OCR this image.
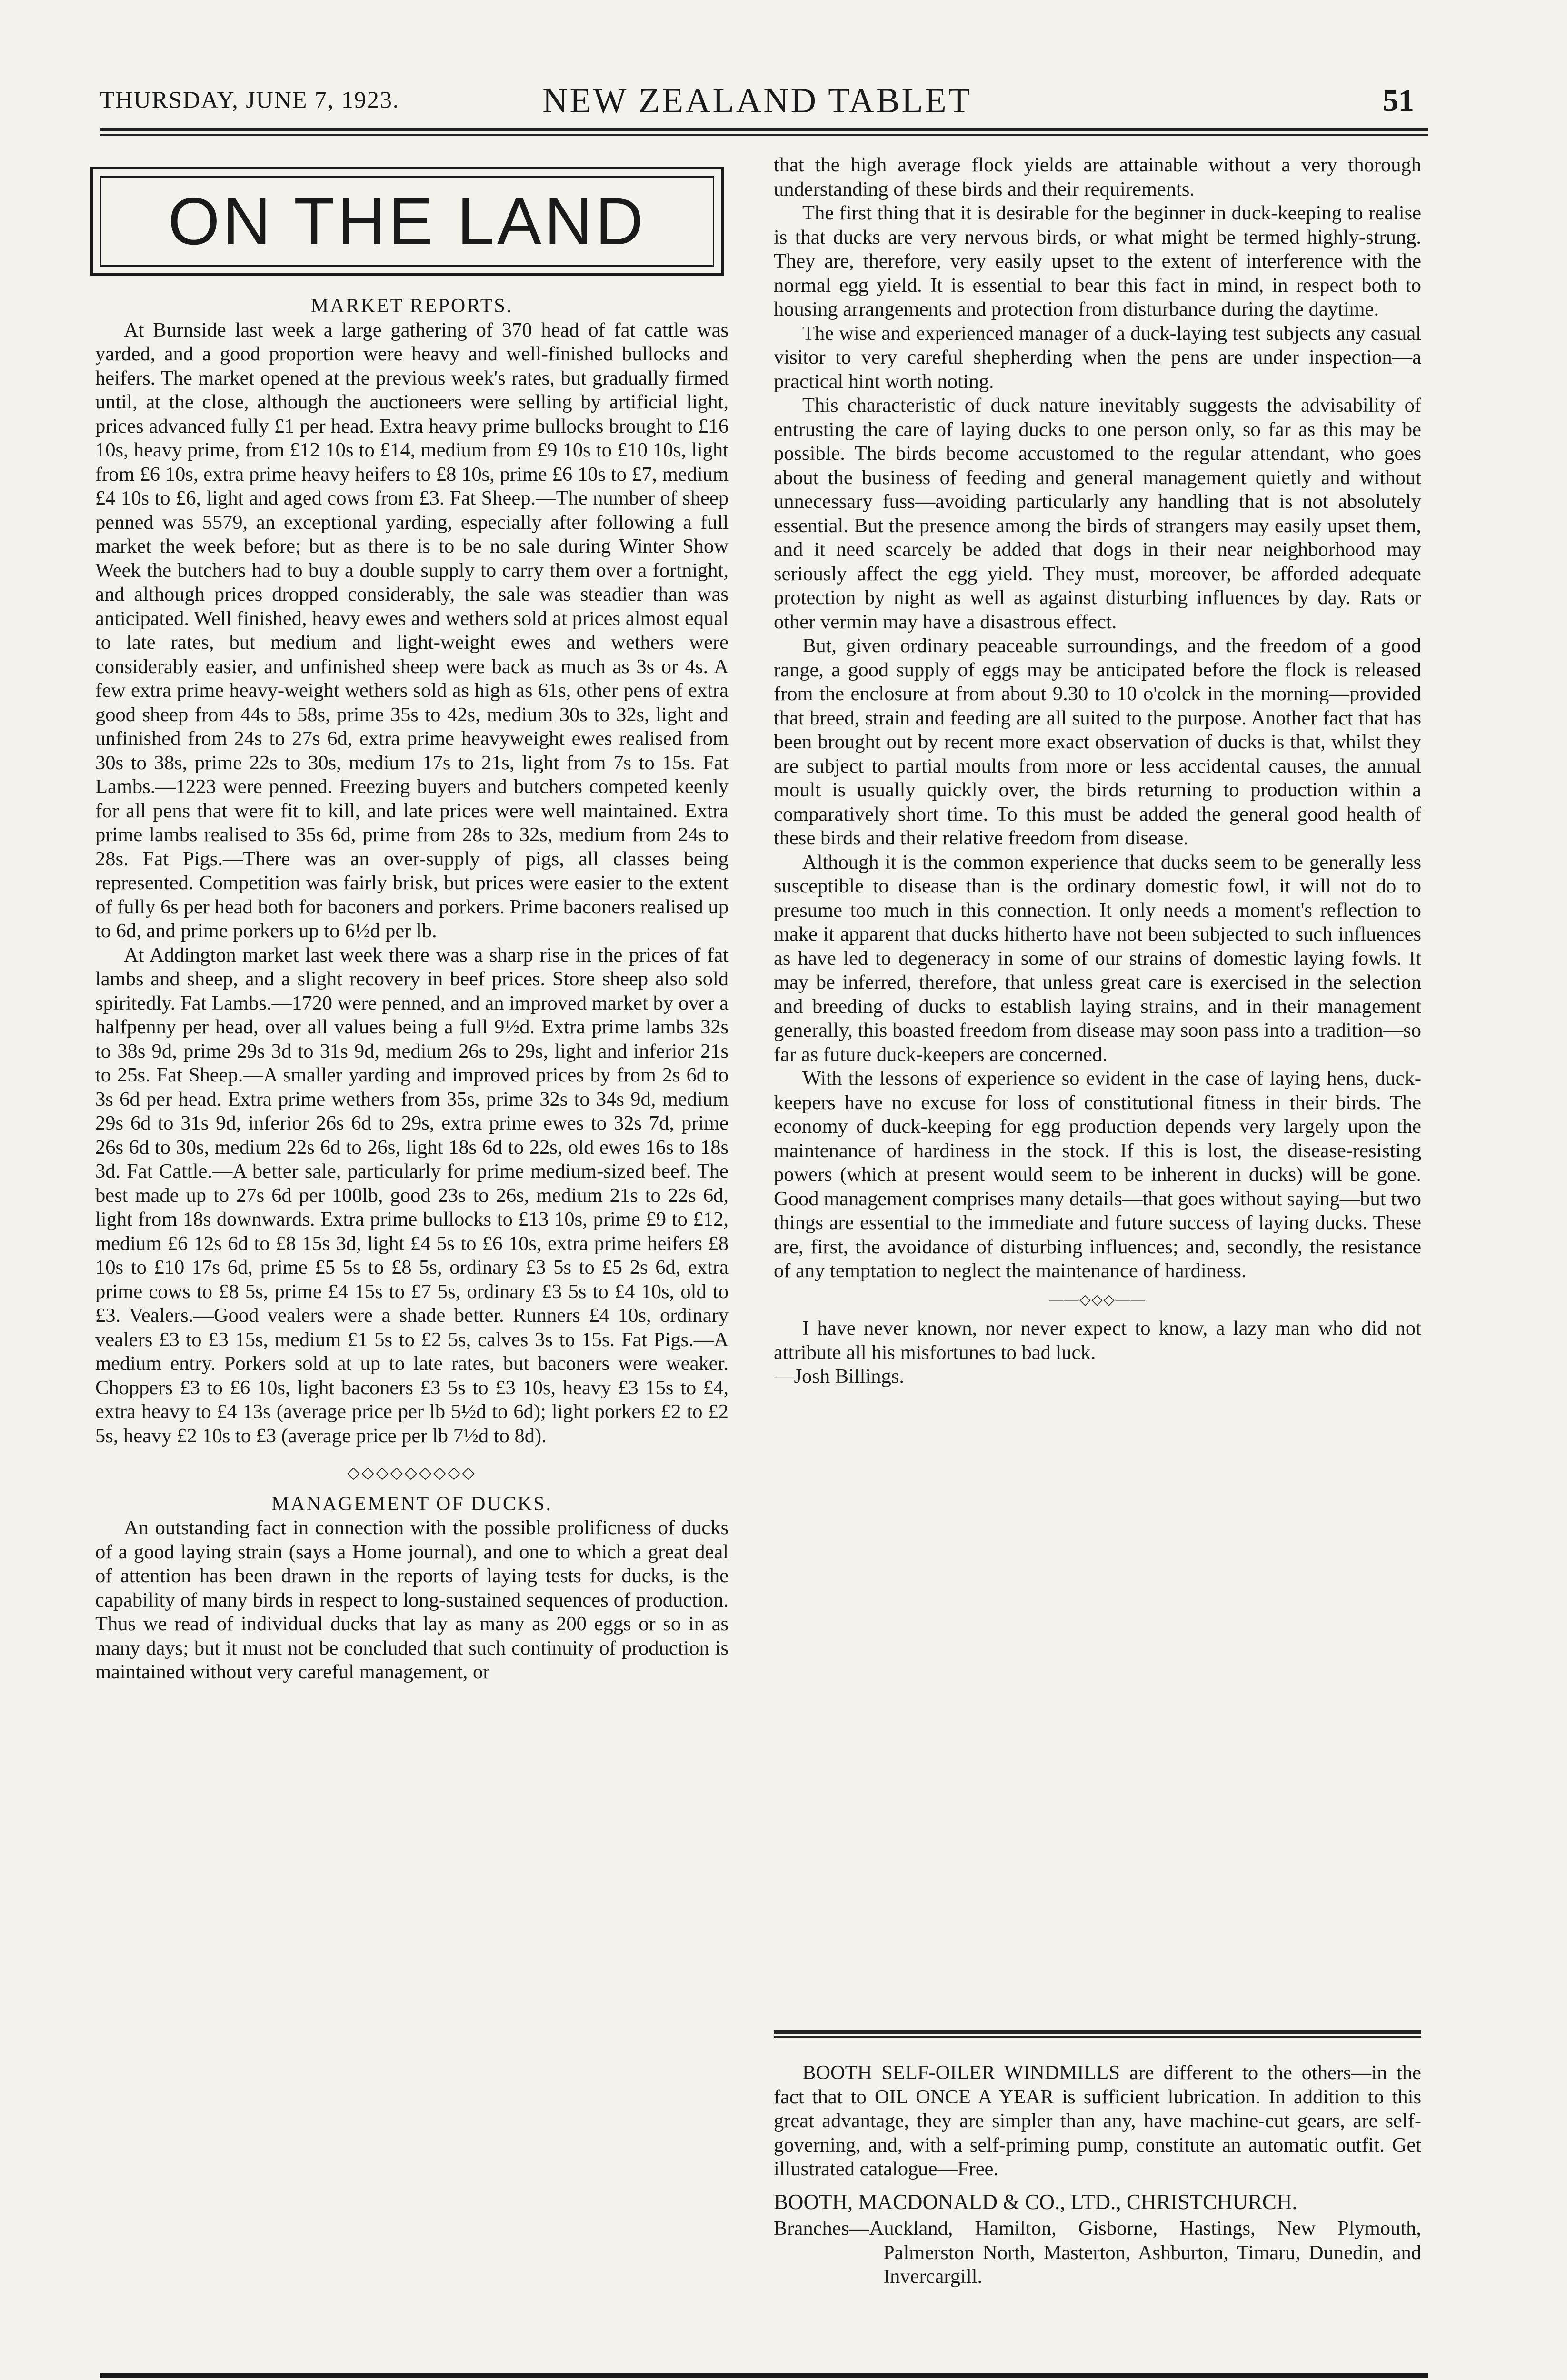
THURSDAY, JUNE 7, 1923.	NEW ZEALAND TABLET	51
ON THE LAND

MARKET REPORTS.

At Burnside last week a large gathering of 370 head of fat cattle was yarded, and a good proportion were heavy and well-finished bullocks and heifers. The market opened at the previous week's rates, but gradually firmed until, at the close, although the auctioneers were selling by artificial light, prices advanced fully £1 per head. Extra heavy prime bullocks brought to £16 10s, heavy prime, from £12 10s to £14, medium from £9 10s to £10 10s, light from £6 10s, extra prime heavy heifers to £8 10s, prime £6 10s to £7, medium £4 10s to £6, light and aged cows from £3. Fat Sheep.—The number of sheep penned was 5579, an exceptional yarding, especially after following a full market the week before; but as there is to be no sale during Winter Show Week the butchers had to buy a double supply to carry them over a fortnight, and although prices dropped considerably, the sale was steadier than was anticipated. Well finished, heavy ewes and wethers sold at prices almost equal to late rates, but medium and light-weight ewes and wethers were considerably easier, and unfinished sheep were back as much as 3s or 4s. A few extra prime heavy-weight wethers sold as high as 61s, other pens of extra good sheep from 44s to 58s, prime 35s to 42s, medium 30s to 32s, light and unfinished from 24s to 27s 6d, extra prime heavyweight ewes realised from 30s to 38s, prime 22s to 30s, medium 17s to 21s, light from 7s to 15s. Fat Lambs.—1223 were penned. Freezing buyers and butchers competed keenly for all pens that were fit to kill, and late prices were well maintained. Extra prime lambs realised to 35s 6d, prime from 28s to 32s, medium from 24s to 28s. Fat Pigs.—There was an over-supply of pigs, all classes being represented. Competition was fairly brisk, but prices were easier to the extent of fully 6s per head both for baconers and porkers. Prime baconers realised up to 6d, and prime porkers up to 6½d per lb.

At Addington market last week there was a sharp rise in the prices of fat lambs and sheep, and a slight recovery in beef prices. Store sheep also sold spiritedly. Fat Lambs.—1720 were penned, and an improved market by over a halfpenny per head, over all values being a full 9½d. Extra prime lambs 32s to 38s 9d, prime 29s 3d to 31s 9d, medium 26s to 29s, light and inferior 21s to 25s. Fat Sheep.—A smaller yarding and improved prices by from 2s 6d to 3s 6d per head. Extra prime wethers from 35s, prime 32s to 34s 9d, medium 29s 6d to 31s 9d, inferior 26s 6d to 29s, extra prime ewes to 32s 7d, prime 26s 6d to 30s, medium 22s 6d to 26s, light 18s 6d to 22s, old ewes 16s to 18s 3d. Fat Cattle.—A better sale, particularly for prime medium-sized beef. The best made up to 27s 6d per 100lb, good 23s to 26s, medium 21s to 22s 6d, light from 18s downwards. Extra prime bullocks to £13 10s, prime £9 to £12, medium £6 12s 6d to £8 15s 3d, light £4 5s to £6 10s, extra prime heifers £8 10s to £10 17s 6d, prime £5 5s to £8 5s, ordinary £3 5s to £5 2s 6d, extra prime cows to £8 5s, prime £4 15s to £7 5s, ordinary £3 5s to £4 10s, old to £3. Vealers.—Good vealers were a shade better. Runners £4 10s, ordinary vealers £3 to £3 15s, medium £1 5s to £2 5s, calves 3s to 15s. Fat Pigs.—A medium entry. Porkers sold at up to late rates, but baconers were weaker. Choppers £3 to £6 10s, light baconers £3 5s to £3 10s, heavy £3 15s to £4, extra heavy to £4 13s (average price per lb 5½d to 6d); light porkers £2 to £2 5s, heavy £2 10s to £3 (average price per lb 7½d to 8d).

◇◇◇◇◇◇◇◇◇

MANAGEMENT OF DUCKS.

An outstanding fact in connection with the possible prolificness of ducks of a good laying strain (says a Home journal), and one to which a great deal of attention has been drawn in the reports of laying tests for ducks, is the capability of many birds in respect to long-sustained sequences of production. Thus we read of individual ducks that lay as many as 200 eggs or so in as many days; but it must not be concluded that such continuity of production is maintained without very careful management, or

that the high average flock yields are attainable without a very thorough understanding of these birds and their requirements.

The first thing that it is desirable for the beginner in duck-keeping to realise is that ducks are very nervous birds, or what might be termed highly-strung. They are, therefore, very easily upset to the extent of interference with the normal egg yield. It is essential to bear this fact in mind, in respect both to housing arrangements and protection from disturbance during the daytime.

The wise and experienced manager of a duck-laying test subjects any casual visitor to very careful shepherding when the pens are under inspection—a practical hint worth noting.

This characteristic of duck nature inevitably suggests the advisability of entrusting the care of laying ducks to one person only, so far as this may be possible. The birds become accustomed to the regular attendant, who goes about the business of feeding and general management quietly and without unnecessary fuss—avoiding particularly any handling that is not absolutely essential. But the presence among the birds of strangers may easily upset them, and it need scarcely be added that dogs in their near neighborhood may seriously affect the egg yield. They must, moreover, be afforded adequate protection by night as well as against disturbing influences by day. Rats or other vermin may have a disastrous effect.

But, given ordinary peaceable surroundings, and the freedom of a good range, a good supply of eggs may be anticipated before the flock is released from the enclosure at from about 9.30 to 10 o'colck in the morning—provided that breed, strain and feeding are all suited to the purpose. Another fact that has been brought out by recent more exact observation of ducks is that, whilst they are subject to partial moults from more or less accidental causes, the annual moult is usually quickly over, the birds returning to production within a comparatively short time. To this must be added the general good health of these birds and their relative freedom from disease.

Although it is the common experience that ducks seem to be generally less susceptible to disease than is the ordinary domestic fowl, it will not do to presume too much in this connection. It only needs a moment's reflection to make it apparent that ducks hitherto have not been subjected to such influences as have led to degeneracy in some of our strains of domestic laying fowls. It may be inferred, therefore, that unless great care is exercised in the selection and breeding of ducks to establish laying strains, and in their management generally, this boasted freedom from disease may soon pass into a tradition—so far as future duck-keepers are concerned.

With the lessons of experience so evident in the case of laying hens, duck-keepers have no excuse for loss of constitutional fitness in their birds. The economy of duck-keeping for egg production depends very largely upon the maintenance of hardiness in the stock. If this is lost, the disease-resisting powers (which at present would seem to be inherent in ducks) will be gone. Good management comprises many details—that goes without saying—but two things are essential to the immediate and future success of laying ducks. These are, first, the avoidance of disturbing influences; and, secondly, the resistance of any temptation to neglect the maintenance of hardiness.

——◇◇◇——

I have never known, nor never expect to know, a lazy man who did not attribute all his misfortunes to bad luck.

—Josh Billings.

BOOTH SELF-OILER WINDMILLS are different to the others—in the fact that to OIL ONCE A YEAR is sufficient lubrication. In addition to this great advantage, they are simpler than any, have machine-cut gears, are self-governing, and, with a self-priming pump, constitute an automatic outfit. Get illustrated catalogue—Free.

BOOTH, MACDONALD & CO., LTD., CHRISTCHURCH.

Branches—Auckland, Hamilton, Gisborne, Hastings, New Plymouth, Palmerston North, Masterton, Ashburton, Timaru, Dunedin, and Invercargill.
